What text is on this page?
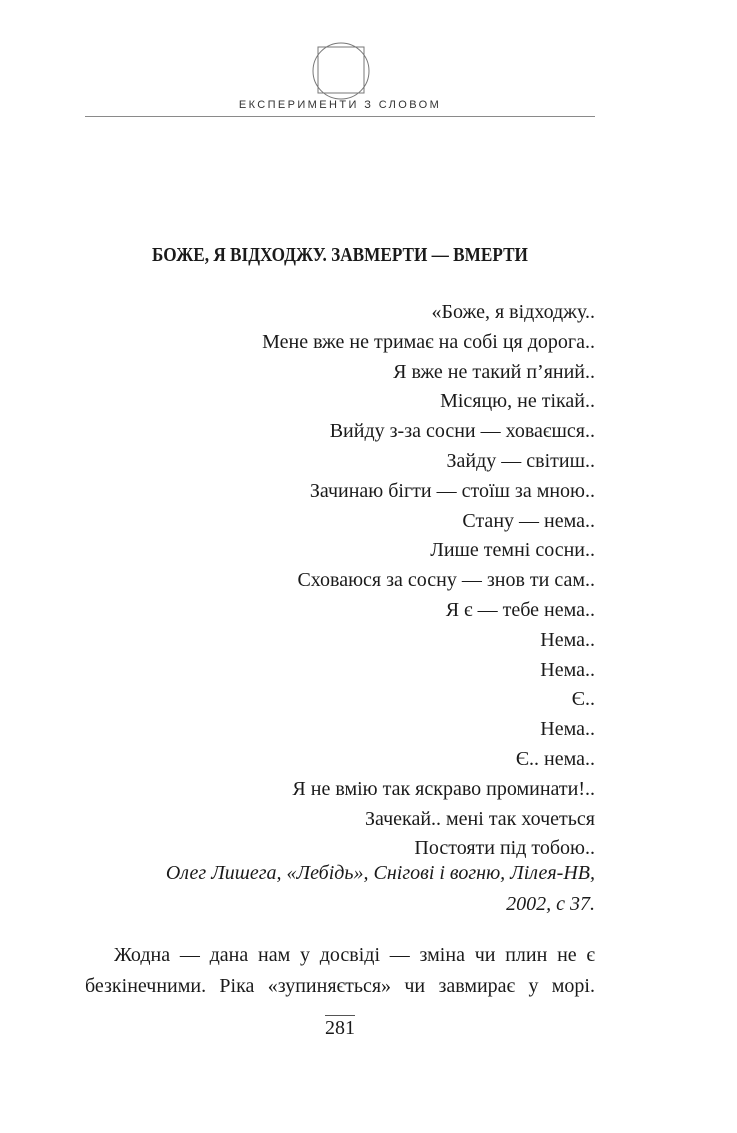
ЕКСПЕРИМЕНТИ З СЛОВОМ
БОЖЕ, Я ВІДХОДЖУ. ЗАВМЕРТИ — ВМЕРТИ
«Боже, я відходжу..
Мене вже не тримає на собі ця дорога..
Я вже не такий п’яний..
Місяцю, не тікай..
Вийду з-за сосни — ховаєшся..
Зайду — світиш..
Зачинаю бігти — стоїш за мною..
Стану — нема..
Лише темні сосни..
Сховаюся за сосну — знов ти сам..
Я є — тебе нема..
Нема..
Нема..
Є..
Нема..
Є.. нема..
Я не вмію так яскраво проминати!..
Зачекай.. мені так хочеться
Постояти під тобою..
Олег Лишега, «Лебідь», Снігові і вогню, Лілея-НВ,
2002, с 37.
Жодна — дана нам у досвіді — зміна чи плин не є
безкінечними. Ріка «зупиняється» чи завмирає у морі.
281
